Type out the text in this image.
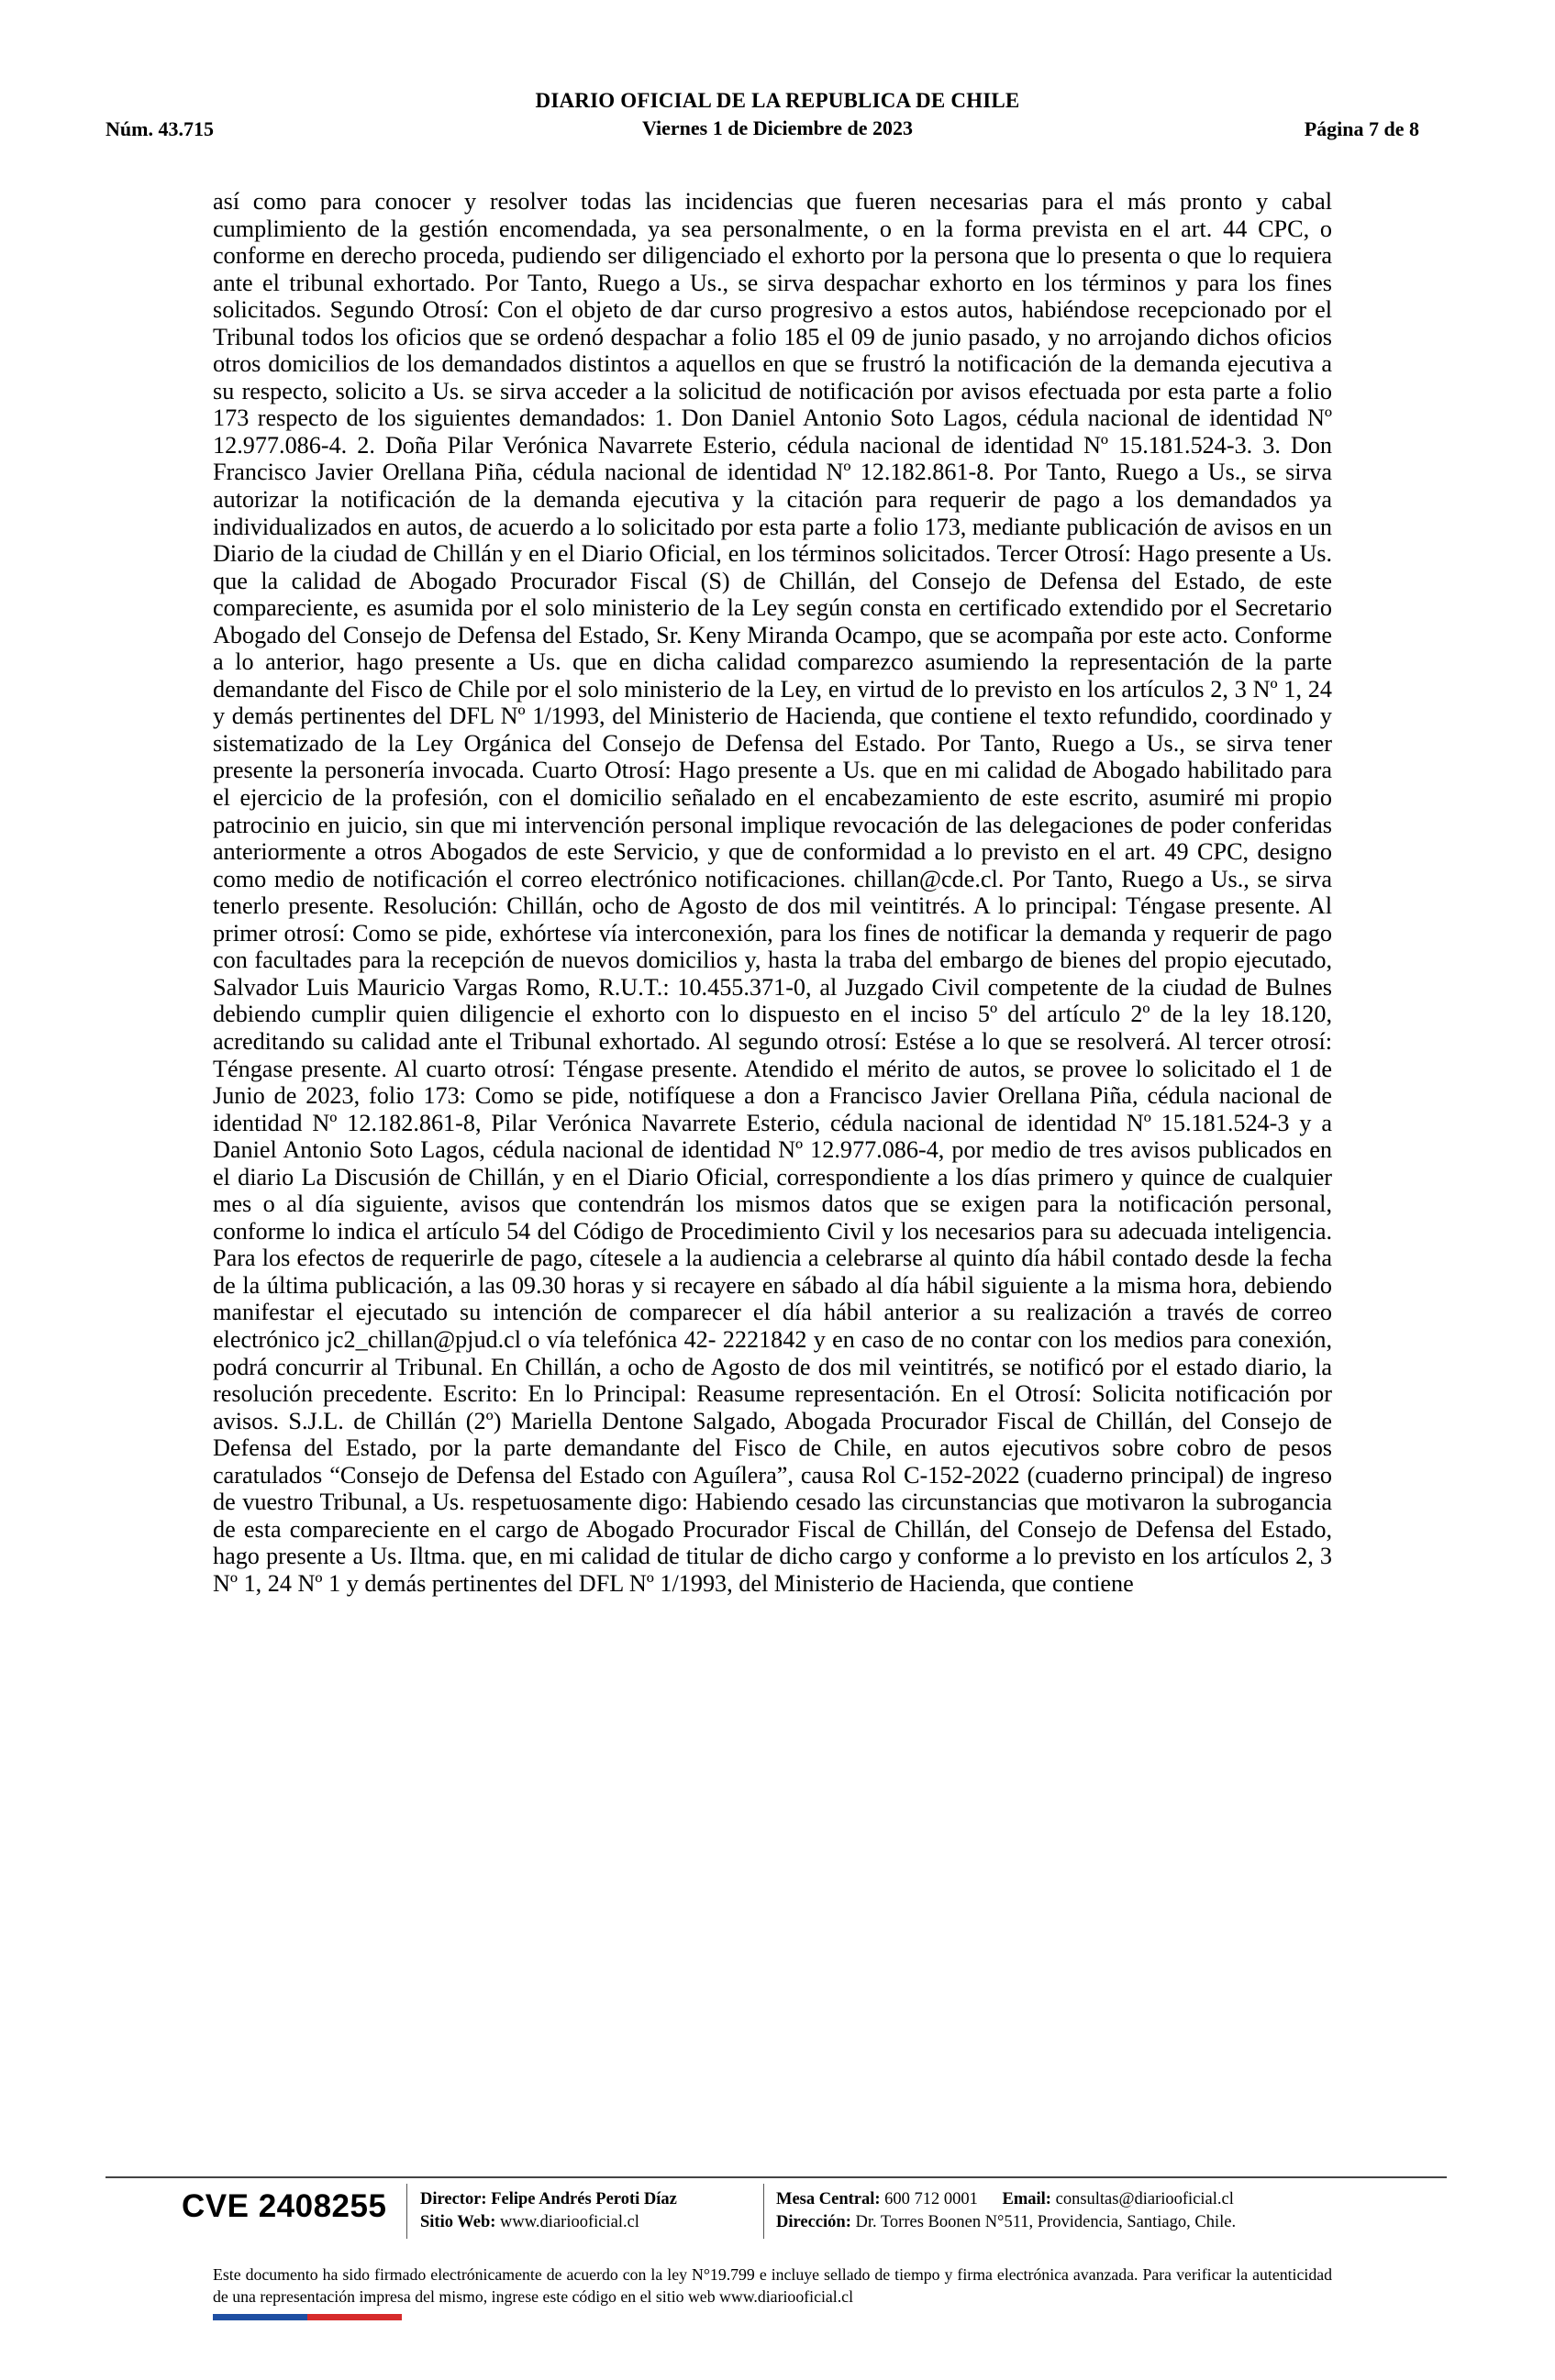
DIARIO OFICIAL DE LA REPUBLICA DE CHILE
Núm. 43.715	Viernes 1 de Diciembre de 2023	Página 7 de 8
así como para conocer y resolver todas las incidencias que fueren necesarias para el más pronto y cabal cumplimiento de la gestión encomendada, ya sea personalmente, o en la forma prevista en el art. 44 CPC, o conforme en derecho proceda, pudiendo ser diligenciado el exhorto por la persona que lo presenta o que lo requiera ante el tribunal exhortado. Por Tanto, Ruego a Us., se sirva despachar exhorto en los términos y para los fines solicitados. Segundo Otrosí: Con el objeto de dar curso progresivo a estos autos, habiéndose recepcionado por el Tribunal todos los oficios que se ordenó despachar a folio 185 el 09 de junio pasado, y no arrojando dichos oficios otros domicilios de los demandados distintos a aquellos en que se frustró la notificación de la demanda ejecutiva a su respecto, solicito a Us. se sirva acceder a la solicitud de notificación por avisos efectuada por esta parte a folio 173 respecto de los siguientes demandados: 1. Don Daniel Antonio Soto Lagos, cédula nacional de identidad Nº 12.977.086-4. 2. Doña Pilar Verónica Navarrete Esterio, cédula nacional de identidad Nº 15.181.524-3. 3. Don Francisco Javier Orellana Piña, cédula nacional de identidad Nº 12.182.861-8. Por Tanto, Ruego a Us., se sirva autorizar la notificación de la demanda ejecutiva y la citación para requerir de pago a los demandados ya individualizados en autos, de acuerdo a lo solicitado por esta parte a folio 173, mediante publicación de avisos en un Diario de la ciudad de Chillán y en el Diario Oficial, en los términos solicitados. Tercer Otrosí: Hago presente a Us. que la calidad de Abogado Procurador Fiscal (S) de Chillán, del Consejo de Defensa del Estado, de este compareciente, es asumida por el solo ministerio de la Ley según consta en certificado extendido por el Secretario Abogado del Consejo de Defensa del Estado, Sr. Keny Miranda Ocampo, que se acompaña por este acto. Conforme a lo anterior, hago presente a Us. que en dicha calidad comparezco asumiendo la representación de la parte demandante del Fisco de Chile por el solo ministerio de la Ley, en virtud de lo previsto en los artículos 2, 3 Nº 1, 24 y demás pertinentes del DFL Nº 1/1993, del Ministerio de Hacienda, que contiene el texto refundido, coordinado y sistematizado de la Ley Orgánica del Consejo de Defensa del Estado. Por Tanto, Ruego a Us., se sirva tener presente la personería invocada. Cuarto Otrosí: Hago presente a Us. que en mi calidad de Abogado habilitado para el ejercicio de la profesión, con el domicilio señalado en el encabezamiento de este escrito, asumiré mi propio patrocinio en juicio, sin que mi intervención personal implique revocación de las delegaciones de poder conferidas anteriormente a otros Abogados de este Servicio, y que de conformidad a lo previsto en el art. 49 CPC, designo como medio de notificación el correo electrónico notificaciones. chillan@cde.cl. Por Tanto, Ruego a Us., se sirva tenerlo presente. Resolución: Chillán, ocho de Agosto de dos mil veintitrés. A lo principal: Téngase presente. Al primer otrosí: Como se pide, exhórtese vía interconexión, para los fines de notificar la demanda y requerir de pago con facultades para la recepción de nuevos domicilios y, hasta la traba del embargo de bienes del propio ejecutado, Salvador Luis Mauricio Vargas Romo, R.U.T.: 10.455.371-0, al Juzgado Civil competente de la ciudad de Bulnes debiendo cumplir quien diligencie el exhorto con lo dispuesto en el inciso 5º del artículo 2º de la ley 18.120, acreditando su calidad ante el Tribunal exhortado. Al segundo otrosí: Estése a lo que se resolverá. Al tercer otrosí: Téngase presente. Al cuarto otrosí: Téngase presente. Atendido el mérito de autos, se provee lo solicitado el 1 de Junio de 2023, folio 173: Como se pide, notifíquese a don a Francisco Javier Orellana Piña, cédula nacional de identidad Nº 12.182.861-8, Pilar Verónica Navarrete Esterio, cédula nacional de identidad Nº 15.181.524-3 y a Daniel Antonio Soto Lagos, cédula nacional de identidad Nº 12.977.086-4, por medio de tres avisos publicados en el diario La Discusión de Chillán, y en el Diario Oficial, correspondiente a los días primero y quince de cualquier mes o al día siguiente, avisos que contendrán los mismos datos que se exigen para la notificación personal, conforme lo indica el artículo 54 del Código de Procedimiento Civil y los necesarios para su adecuada inteligencia. Para los efectos de requerirle de pago, cítesele a la audiencia a celebrarse al quinto día hábil contado desde la fecha de la última publicación, a las 09.30 horas y si recayere en sábado al día hábil siguiente a la misma hora, debiendo manifestar el ejecutado su intención de comparecer el día hábil anterior a su realización a través de correo electrónico jc2_chillan@pjud.cl o vía telefónica 42- 2221842 y en caso de no contar con los medios para conexión, podrá concurrir al Tribunal. En Chillán, a ocho de Agosto de dos mil veintitrés, se notificó por el estado diario, la resolución precedente. Escrito: En lo Principal: Reasume representación. En el Otrosí: Solicita notificación por avisos. S.J.L. de Chillán (2º) Mariella Dentone Salgado, Abogada Procurador Fiscal de Chillán, del Consejo de Defensa del Estado, por la parte demandante del Fisco de Chile, en autos ejecutivos sobre cobro de pesos caratulados “Consejo de Defensa del Estado con Aguílera”, causa Rol C-152-2022 (cuaderno principal) de ingreso de vuestro Tribunal, a Us. respetuosamente digo: Habiendo cesado las circunstancias que motivaron la subrogancia de esta compareciente en el cargo de Abogado Procurador Fiscal de Chillán, del Consejo de Defensa del Estado, hago presente a Us. Iltma. que, en mi calidad de titular de dicho cargo y conforme a lo previsto en los artículos 2, 3 Nº 1, 24 Nº 1 y demás pertinentes del DFL Nº 1/1993, del Ministerio de Hacienda, que contiene
CVE 2408255 Director: Felipe Andrés Peroti Díaz
Sitio Web: www.diariooficial.cl
Mesa Central: 600 712 0001 Email: consultas@diariooficial.cl
Dirección: Dr. Torres Boonen N°511, Providencia, Santiago, Chile.
Este documento ha sido firmado electrónicamente de acuerdo con la ley N°19.799 e incluye sellado de tiempo y firma electrónica avanzada. Para verificar la autenticidad de una representación impresa del mismo, ingrese este código en el sitio web www.diariooficial.cl
